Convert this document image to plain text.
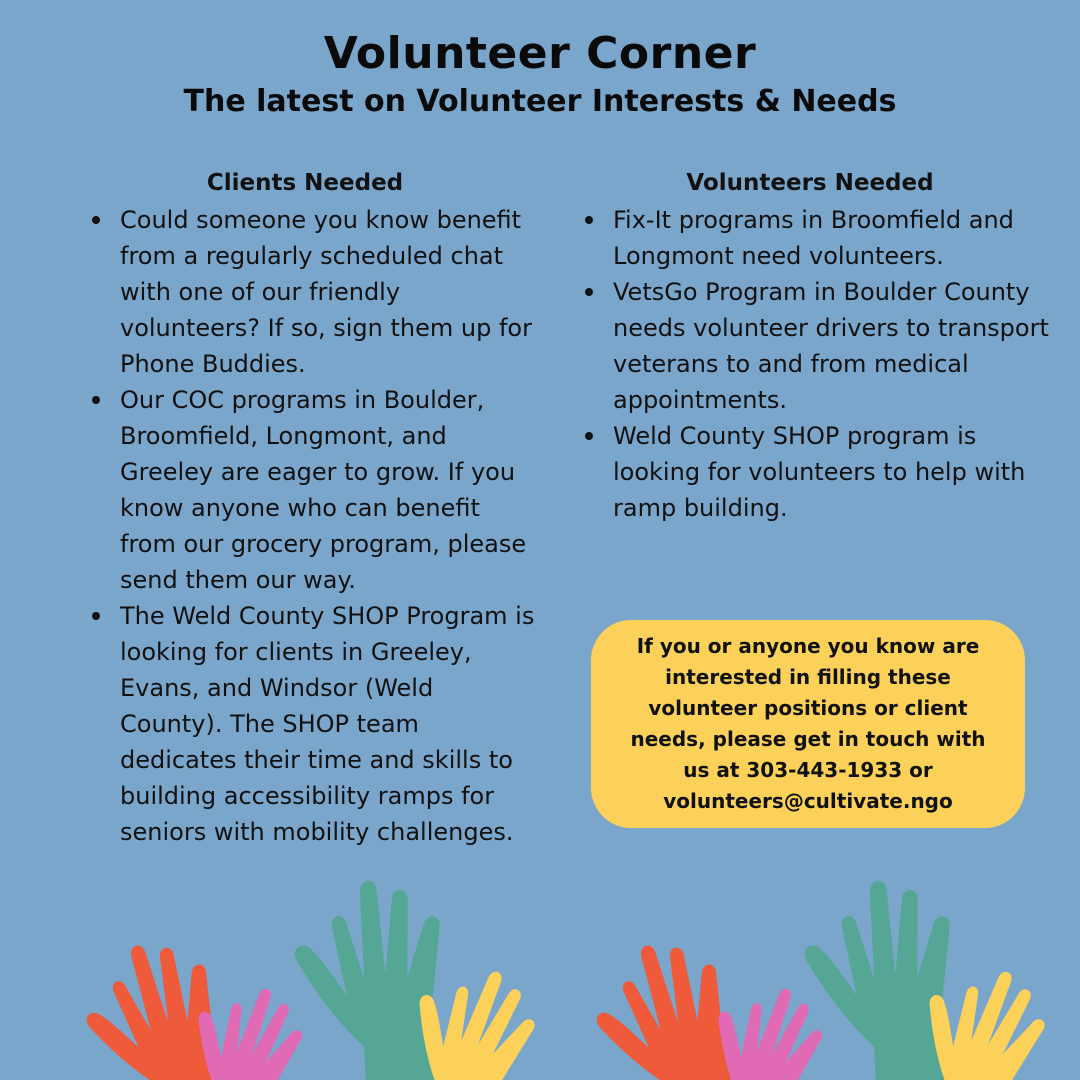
Volunteer Corner
The latest on Volunteer Interests & Needs
Clients Needed
Could someone you know benefit from a regularly scheduled chat with one of our friendly volunteers? If so, sign them up for Phone Buddies.
Our COC programs in Boulder, Broomfield, Longmont, and Greeley are eager to grow. If you know anyone who can benefit from our grocery program, please send them our way.
The Weld County SHOP Program is looking for clients in Greeley, Evans, and Windsor (Weld County). The SHOP team dedicates their time and skills to building accessibility ramps for seniors with mobility challenges.
Volunteers Needed
Fix-It programs in Broomfield and Longmont need volunteers.
VetsGo Program in Boulder County needs volunteer drivers to transport veterans to and from medical appointments.
Weld County SHOP program is looking for volunteers to help with ramp building.
If you or anyone you know are interested in filling these volunteer positions or client needs, please get in touch with us at 303-443-1933 or volunteers@cultivate.ngo
